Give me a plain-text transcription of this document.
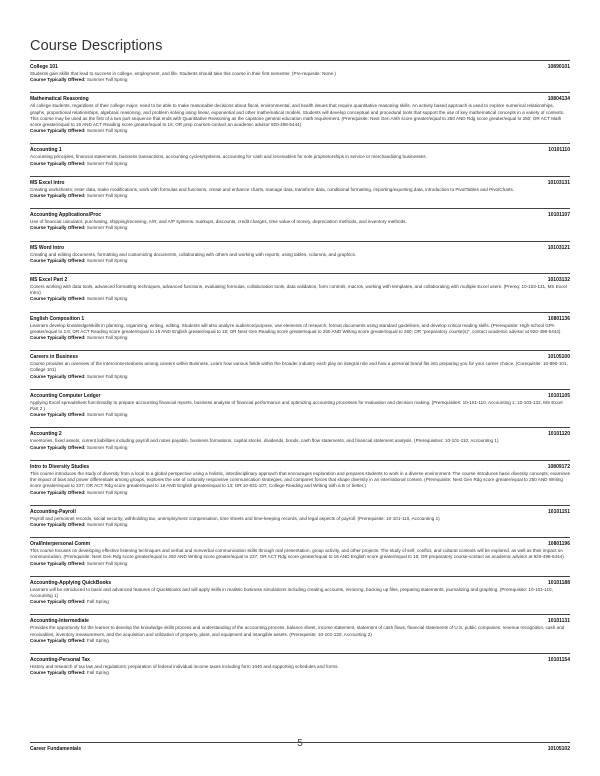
Course Descriptions
College 101	10890101
Students gain skills that lead to success in college, employment, and life. Students should take this course in their first semester. (Pre-requisite: None.)
Course Typically Offered: Summer Fall Spring
Mathematical Reasoning	10804134
All college students, regardless of their college major, need to be able to make reasonable decisions about fiscal, environmental, and health issues that require quantitative reasoning skills. An activity based approach is used to explore numerical relationships, graphs, proportional relationships, algebraic reasoning, and problem solving using linear, exponential and other mathematical models. Students will develop conceptual and procedural tools that support the use of key mathematical concepts in a variety of contexts. This course may be used as the first of a two part sequence that ends with Quantitative Reasoning as the capstone general education math requirement. (Prerequisite: Next Gen Arith score greater/equal to 250 AND Rdg score greater/equal to 250; OR ACT Math score greater/equal to 15 AND ACT Reading score greater/equal to 16; OR prep courses-contact an academic advisor 920-498-5444)
Course Typically Offered: Summer Fall Spring
Accounting 1	10101110
Accounting principles, financial statements, business transactions, accounting cycles/systems, accounting for cash and receivables for sole proprietorships in service or merchandising businesses.
Course Typically Offered: Summer Fall Spring
MS Excel Intro	10103131
Creating worksheets; enter data, make modifications, work with formulas and functions, create and enhance charts, manage data, transform data, conditional formatting, importing/exporting data, introduction to PivotTables and PivotCharts.
Course Typically Offered: Summer Fall Spring
Accounting Applications/Proc	10101107
Use of financial calculator, purchasing, shipping/receiving, A/R, and A/P systems, markups, discounts, credit charges, time value of money, depreciation methods, and inventory methods.
Course Typically Offered: Summer Fall Spring
MS Word Intro	10103121
Creating and editing documents, formatting and customizing documents, collaborating with others and working with reports, using tables, columns, and graphics.
Course Typically Offered: Summer Fall Spring
MS Excel Part 2	10103132
Covers working with data tools, advanced formatting techniques, advanced functions, evaluating formulas, collaboration tools, data validation, form controls, macros, working with templates, and collaborating with multiple Excel users. (Prereq: 10-103-131, MS Excel Intro)
Course Typically Offered: Summer Fall Spring
English Composition 1	10801136
Learners develop knowledge/skills in planning, organizing, writing, editing. Students will also analyze audience/purpose, use elements of research, format documents using standard guidelines, and develop critical reading skills. (Prerequisite: High-school GPA greater/equal to 2.6; OR ACT Reading score greater/equal to 16 AND English greater/equal to 18; OR Next Gen Reading score greater/equal to 250 AND Writing score greater/equal to 260; OR "preparatory course(s)", contact academic advisor at 920-498-5444)
Course Typically Offered: Summer Fall Spring
Careers in Business	10105100
Course provides an overview of the interconnectedness among careers within Business. Learn how various fields within the broader industry each play an integral role and how a personal brand fits into preparing you for your career choice. (Corequisite: 10-890-101, College 101)
Course Typically Offered: Summer Fall Spring
Accounting Computer Ledger	10101105
Applying Excel spreadsheet functionality to prepare accounting financial reports, business analysis of financial performance and optimizing accounting processes for evaluation and decision making. (Prerequisites: 10-101-110, Accounting 1; 10-103-132, MS Excel Part 2 )
Course Typically Offered: Summer Fall Spring
Accounting 2	10101120
Inventories, fixed assets, current liabilities including payroll and notes payable, business formations, capital stocks, dividends, bonds, cash flow statements, and financial statement analysis. (Prerequisites: 10-101-110, Accounting 1)
Course Typically Offered: Summer Fall Spring
Intro to Diversity Studies	10809172
This course introduces the study of diversity from a local to a global perspective using a holistic, interdisciplinary approach that encourages exploration and prepares students to work in a diverse environment. The course introduces basic diversity concepts, examines the impact of bias and power differentials among groups, explores the use of culturally responsive communication strategies, and compares forces that shape diversity in an international context. (Prerequisite: Next Gen Rdg score greater/equal to 250 AND Writing score greater/equal to 237; OR ACT Rdg score greater/equal to 16 AND English greater/equal to 13; OR 10-831-107, College Reading and Writing with a B or better.)
Course Typically Offered: Summer Fall Spring
Accounting-Payroll	10101151
Payroll and personnel records, social security, withholding tax, unemployment compensation, time sheets and time-keeping records, and legal aspects of payroll. (Prerequisite: 10-101-110, Accounting 1)
Course Typically Offered: Summer Fall Spring
Oral/Interpersonal Comm	10801196
This course focuses on developing effective listening techniques and verbal and nonverbal communication skills through oral presentation, group activity, and other projects. The study of self, conflict, and cultural contexts will be explored, as well as their impact on communication. (Prerequisite: Next Gen Rdg score greater/equal to 250 AND Writing score greater/equal to 237; OR ACT Rdg score greater/equal to 16 AND English score greater/equal to 16; OR preparatory course-contact an academic advisor at 920-498-5444)
Course Typically Offered: Summer Fall Spring
Accounting-Applying QuickBooks	10101188
Learners will be introduced to basic and advanced features of QuickBooks and will apply skills in realistic business simulations including creating accounts, invoicing, backing up files, preparing statements, journalizing and graphing. (Prerequisite: 10-101-110, Accounting 1)
Course Typically Offered: Fall Spring
Accounting-Intermediate	10101131
Provides the opportunity for the learner to develop the knowledge skills process and understanding of the accounting process, balance sheet, income statement, statement of cash flows, financial statements of U.S. public companies, revenue recognition, cash and receivables, inventory measurement, and the acquisition and utilization of property, plant, and equipment and intangible assets. (Prerequisite: 10-101-120, Accounting 2)
Course Typically Offered: Fall Spring
Accounting-Personal Tax	10101154
History and research of tax law and regulations; preparation of federal individual income taxes including form 1040 and supporting schedules and forms.
Course Typically Offered: Fall Spring
5
Career Fundamentals	10105102
